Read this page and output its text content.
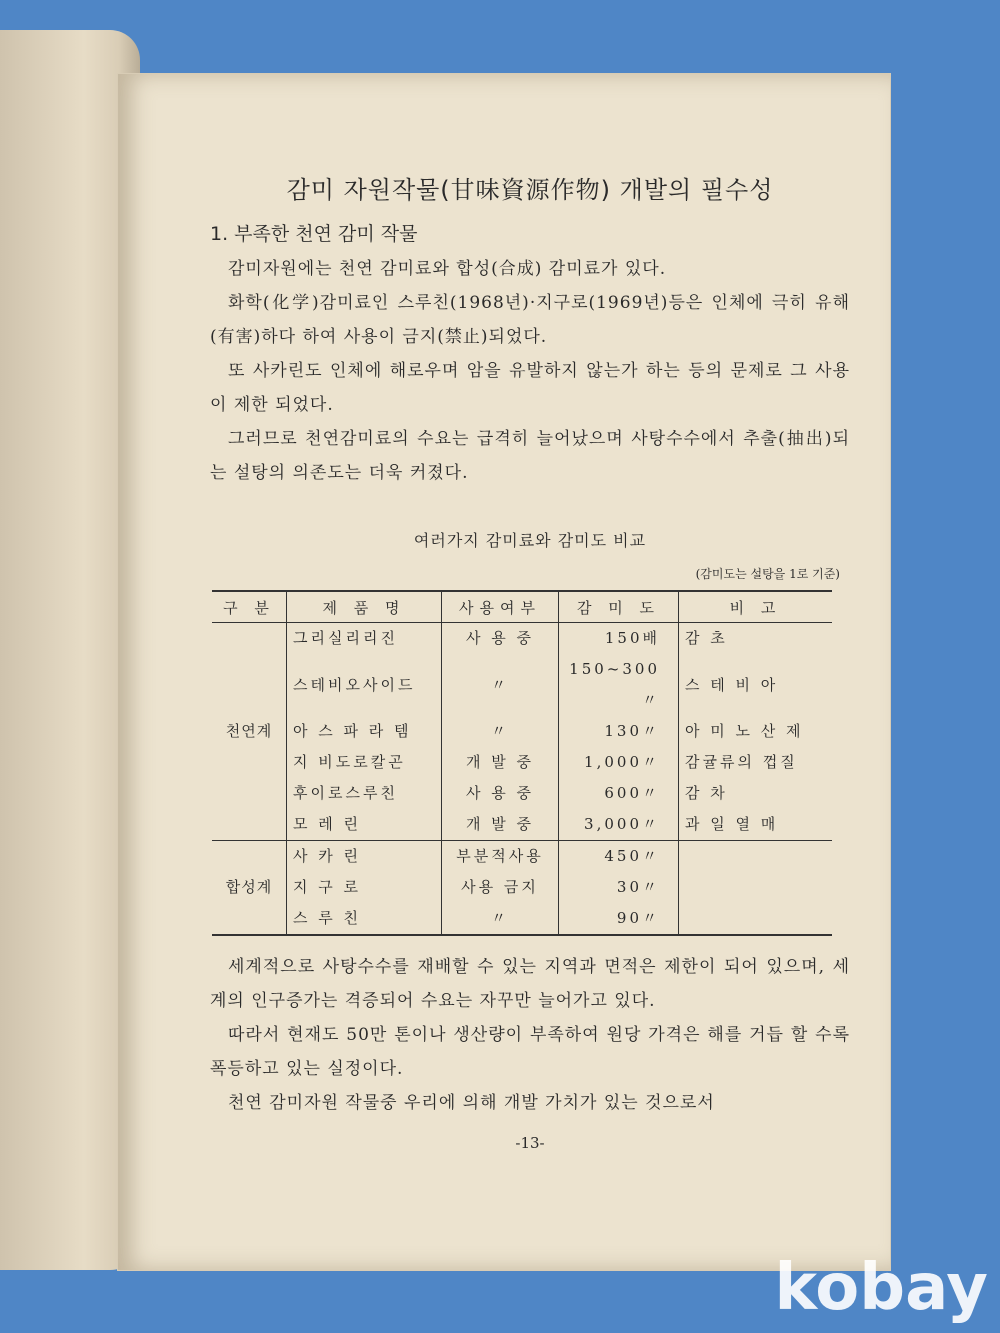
감미 자원작물(甘味資源作物) 개발의 필수성
1. 부족한 천연 감미 작물

감미자원에는 천연 감미료와 합성(合成) 감미료가 있다.

화학(化学)감미료인 스루친(1968년)·지구로(1969년)등은 인체에 극히 유해(有害)하다 하여 사용이 금지(禁止)되었다.

또 사카린도 인체에 해로우며 암을 유발하지 않는가 하는 등의 문제로 그 사용이 제한 되었다.

그러므로 천연감미료의 수요는 급격히 늘어났으며 사탕수수에서 추출(抽出)되는 설탕의 의존도는 더욱 커졌다.

여러가지 감미료와 감미도 비교
(감미도는 설탕을 1로 기준)
구 분	제 품 명	사용여부	감 미 도	비 고
천연계	그리실리리진	사 용 중	150배	감 초
	스테비오사이드	〃	150~300〃	스 테 비 아
	아 스 파 라 템	〃	130〃	아 미 노 산 제
	지 비도로칼곤	개 발 중	1,000〃	감귤류의 껍질
	후이로스루친	사 용 중	600〃	감 차
	모 레 린	개 발 중	3,000〃	과 일 열 매
합성계	사 카 린	부분적사용	450〃	
	지 구 로	사용 금지	30〃	
	스 루 친	〃	90〃	

세계적으로 사탕수수를 재배할 수 있는 지역과 면적은 제한이 되어 있으며, 세계의 인구증가는 격증되어 수요는 자꾸만 늘어가고 있다.

따라서 현재도 50만 톤이나 생산량이 부족하여 원당 가격은 해를 거듭 할 수록 폭등하고 있는 실정이다.

천연 감미자원 작물중 우리에 의해 개발 가치가 있는 것으로서

-13-
kobay
